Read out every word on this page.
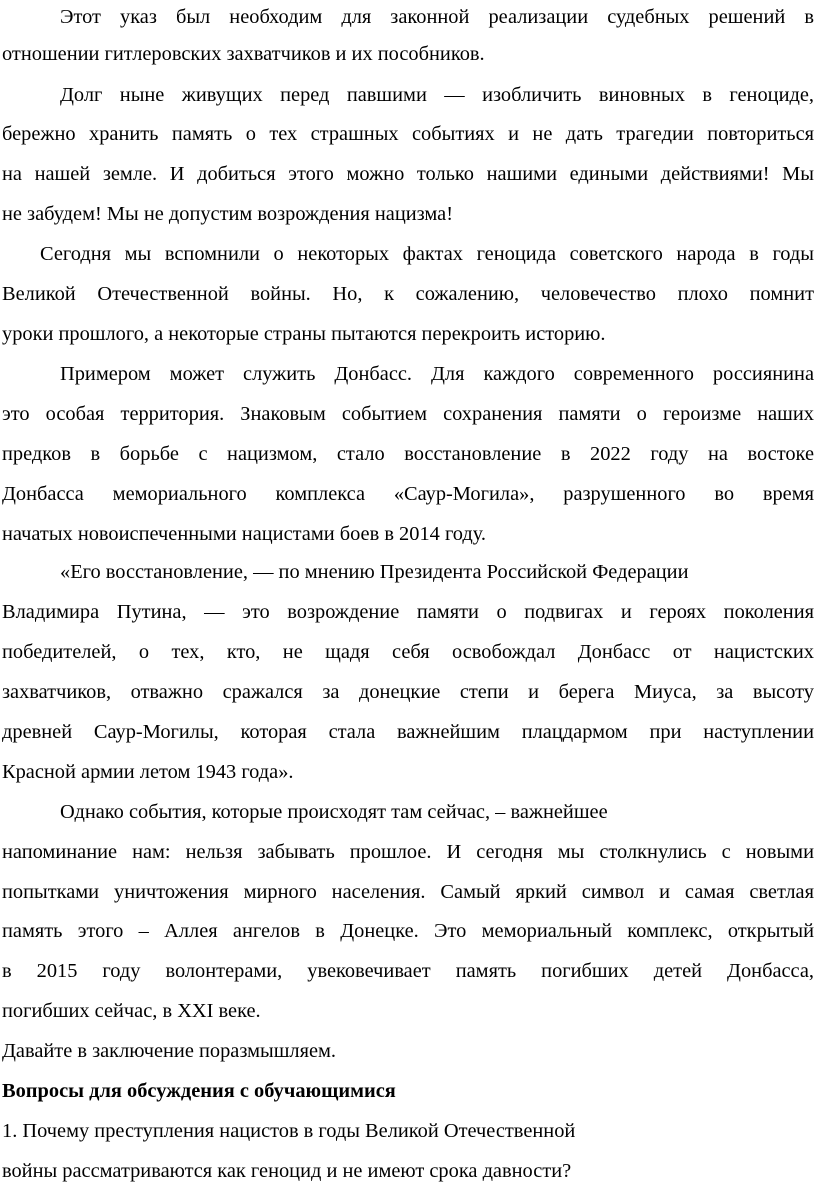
Этот указ был необходим для законной реализации судебных решений в
отношении гитлеровских захватчиков и их пособников.
Долг ныне живущих перед павшими — изобличить виновных в геноциде,
бережно хранить память о тех страшных событиях и не дать трагедии повториться
на нашей земле. И добиться этого можно только нашими едиными действиями! Мы
не забудем! Мы не допустим возрождения нацизма!
Сегодня мы вспомнили о некоторых фактах геноцида советского народа в годы
Великой Отечественной войны. Но, к сожалению, человечество плохо помнит
уроки прошлого, а некоторые страны пытаются перекроить историю.
Примером может служить Донбасс. Для каждого современного россиянина
это особая территория. Знаковым событием сохранения памяти о героизме наших
предков в борьбе с нацизмом, стало восстановление в 2022 году на востоке
Донбасса мемориального комплекса «Саур-Могила», разрушенного во время
начатых новоиспеченными нацистами боев в 2014 году.
«Его восстановление, — по мнению Президента Российской Федерации
Владимира Путина, — это возрождение памяти о подвигах и героях поколения
победителей, о тех, кто, не щадя себя освобождал Донбасс от нацистских
захватчиков, отважно сражался за донецкие степи и берега Миуса, за высоту
древней Саур-Могилы, которая стала важнейшим плацдармом при наступлении
Красной армии летом 1943 года».
Однако события, которые происходят там сейчас, – важнейшее
напоминание нам: нельзя забывать прошлое. И сегодня мы столкнулись с новыми
попытками уничтожения мирного населения. Самый яркий символ и самая светлая
память этого – Аллея ангелов в Донецке. Это мемориальный комплекс, открытый
в 2015 году волонтерами, увековечивает память погибших детей Донбасса,
погибших сейчас, в XXI веке.
Давайте в заключение поразмышляем.
Вопросы для обсуждения с обучающимися
1. Почему преступления нацистов в годы Великой Отечественной
войны рассматриваются как геноцид и не имеют срока давности?
